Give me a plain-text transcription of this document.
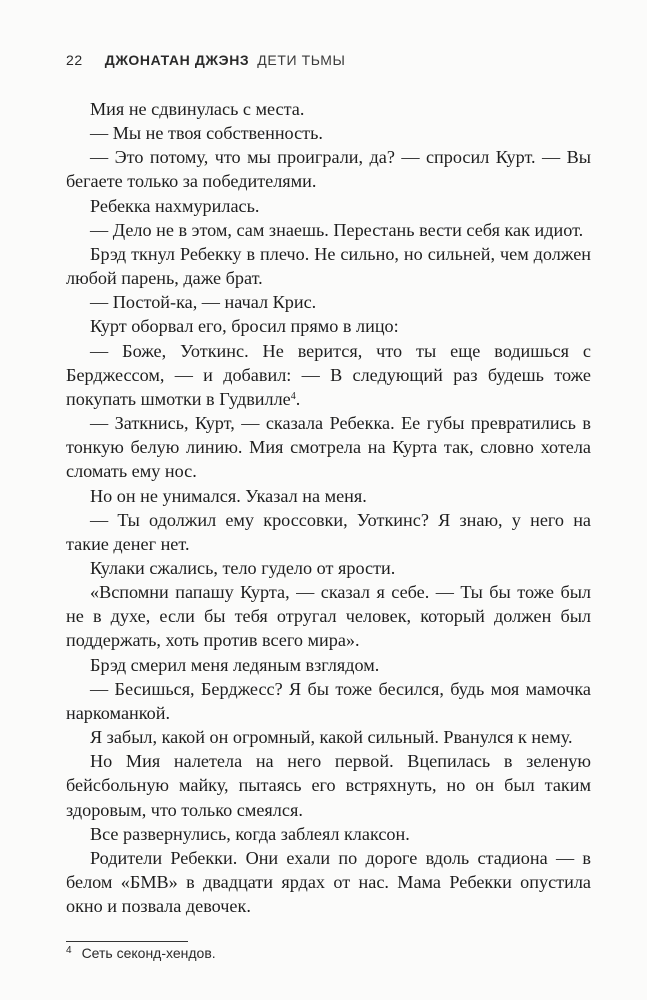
22 ДЖОНАТАН ДЖЭНЗ ДЕТИ ТЬМЫ

Мия не сдвинулась с места.

— Мы не твоя собственность.

— Это потому, что мы проиграли, да? — спросил Курт. — Вы бегаете только за победителями.

Ребекка нахмурилась.

— Дело не в этом, сам знаешь. Перестань вести себя как идиот.

Брэд ткнул Ребекку в плечо. Не сильно, но сильней, чем должен любой парень, даже брат.

— Постой-ка, — начал Крис.

Курт оборвал его, бросил прямо в лицо:

— Боже, Уоткинс. Не верится, что ты еще водишься с Берджессом, — и добавил: — В следующий раз будешь тоже покупать шмотки в Гудвилле$^4$.

— Заткнись, Курт, — сказала Ребекка. Ее губы превратились в тонкую белую линию. Мия смотрела на Курта так, словно хотела сломать ему нос.

Но он не унимался. Указал на меня.

— Ты одолжил ему кроссовки, Уоткинс? Я знаю, у него на такие денег нет.

Кулаки сжались, тело гудело от ярости.

«Вспомни папашу Курта, — сказал я себе. — Ты бы тоже был не в духе, если бы тебя отругал человек, который должен был поддержать, хоть против всего мира».

Брэд смерил меня ледяным взглядом.

— Бесишься, Берджесс? Я бы тоже бесился, будь моя мамочка наркоманкой.

Я забыл, какой он огромный, какой сильный. Рванулся к нему.

Но Мия налетела на него первой. Вцепилась в зеленую бейсбольную майку, пытаясь его встряхнуть, но он был таким здоровым, что только смеялся.

Все развернулись, когда заблеял клаксон.

Родители Ребекки. Они ехали по дороге вдоль стадиона — в белом «БМВ» в двадцати ярдах от нас. Мама Ребекки опустила окно и позвала девочек.

$^4$ Сеть секонд-хендов.
